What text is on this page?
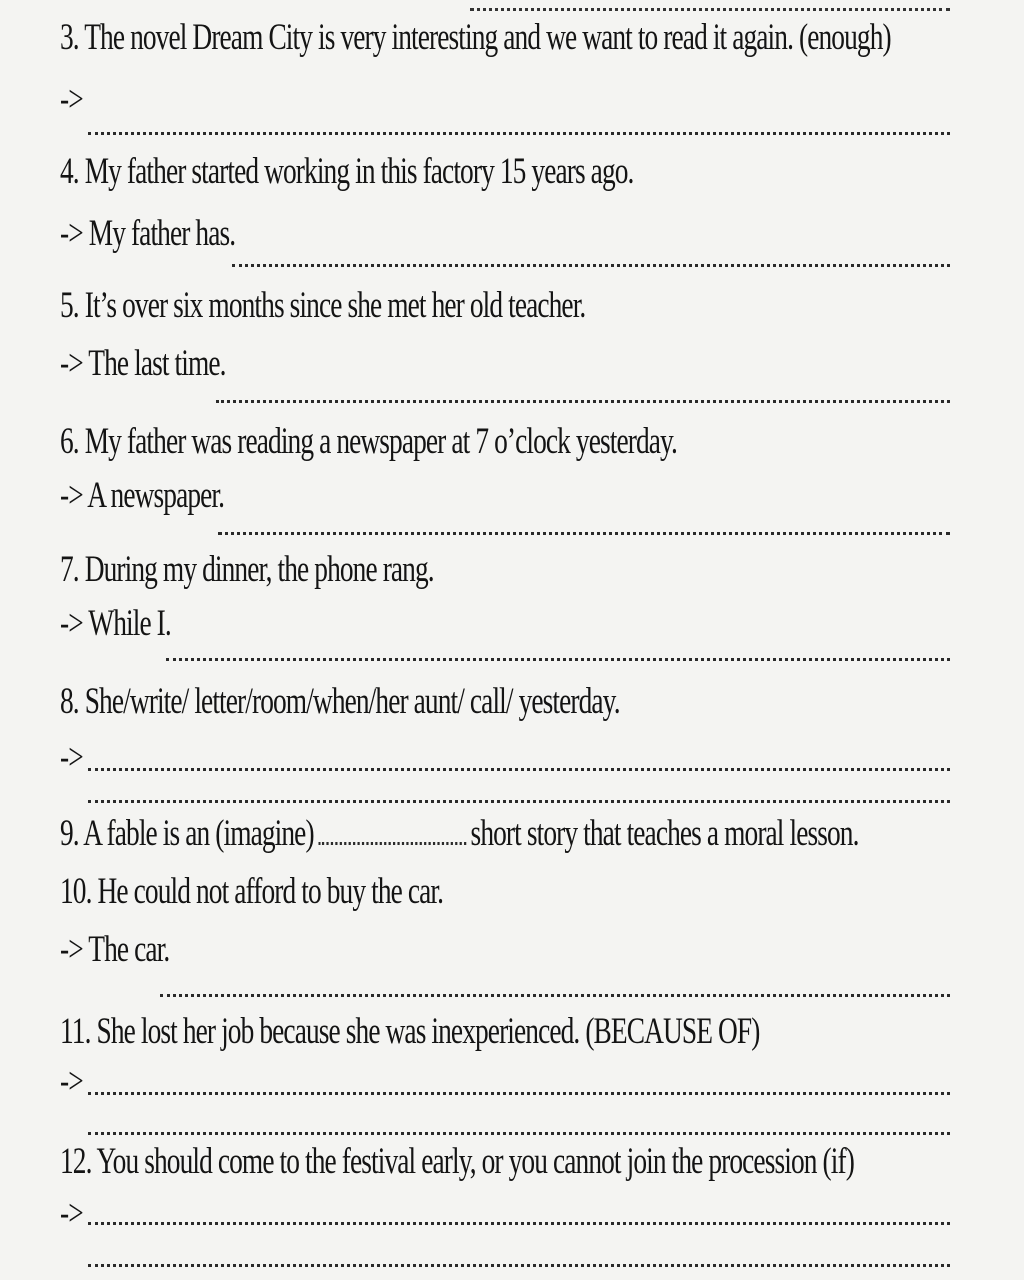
3. The novel Dream City is very interesting and we want to read it again. (enough)
->
4. My father started working in this factory 15 years ago.
-> My father has.
5. It’s over six months since she met her old teacher.
-> The last time.
6. My father was reading a newspaper at 7 o’clock yesterday.
-> A newspaper.
7. During my dinner, the phone rang.
-> While I.
8. She/write/ letter/room/when/her aunt/ call/ yesterday.
->
9. A fable is an (imagine)	short story that teaches a moral lesson.
10. He could not afford to buy the car.
-> The car.
11. She lost her job because she was inexperienced. (BECAUSE OF)
->
12. You should come to the festival early, or you cannot join the procession (if)
->
